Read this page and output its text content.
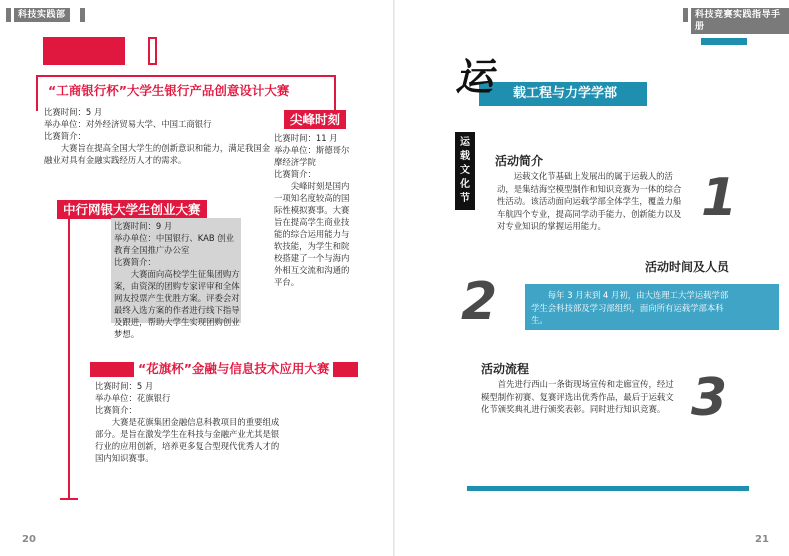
科技实践部
“工商银行杯”大学生银行产品创意设计大赛

比赛时间：5 月

举办单位：对外经济贸易大学、中国工商银行

比赛简介：

大赛旨在提高全国大学生的创新意识和能力，满足我国金融业对具有金融实践经历人才的需求。

尖峰时刻

比赛时间：11 月

举办单位：斯德哥尔摩经济学院

比赛简介：

尖峰时刻是国内一项知名度较高的国际性模拟赛事。大赛旨在提高学生商业技能的综合运用能力与软技能，为学生和院校搭建了一个与海内外相互交流和沟通的平台。

中行网银大学生创业大赛

比赛时间：9 月

举办单位：中国银行、KAB 创业教育全国推广办公室

比赛简介：

大赛面向高校学生征集团购方案，由资深的团购专家评审和全体网友投票产生优胜方案。评委会对最终入选方案的作者进行线下指导及跟进，帮助大学生实现团购创业梦想。

“花旗杯”金融与信息技术应用大赛

比赛时间：5 月

举办单位：花旗银行

比赛简介：

大赛是花旗集团金融信息科教项目的重要组成部分。是旨在激发学生在科技与金融产业尤其是银行业的应用创新，培养更多复合型现代优秀人才的国内知识赛事。

20
科技竞赛实践指导手册
运 载工程与力学学部
运载文化节
活动简介

运载文化节基础上发展出的属于运载人的活动，是集结海空模型制作和知识竞赛为一体的综合性活动。该活动面向运载学部全体学生，覆盖力船车航四个专业，提高同学动手能力、创新能力以及对专业知识的掌握运用能力。	1
活动时间及人员
2	每年 3 月末到 4 月初，由大连理工大学运载学部学生会科技部及学习部组织，面向所有运载学部本科生。

活动流程

首先进行西山一条街现场宣传和走廊宣传，经过模型制作初赛、复赛评选出优秀作品，最后于运载文化节颁奖典礼进行颁奖表彰。同时进行知识竞赛。 3
21
